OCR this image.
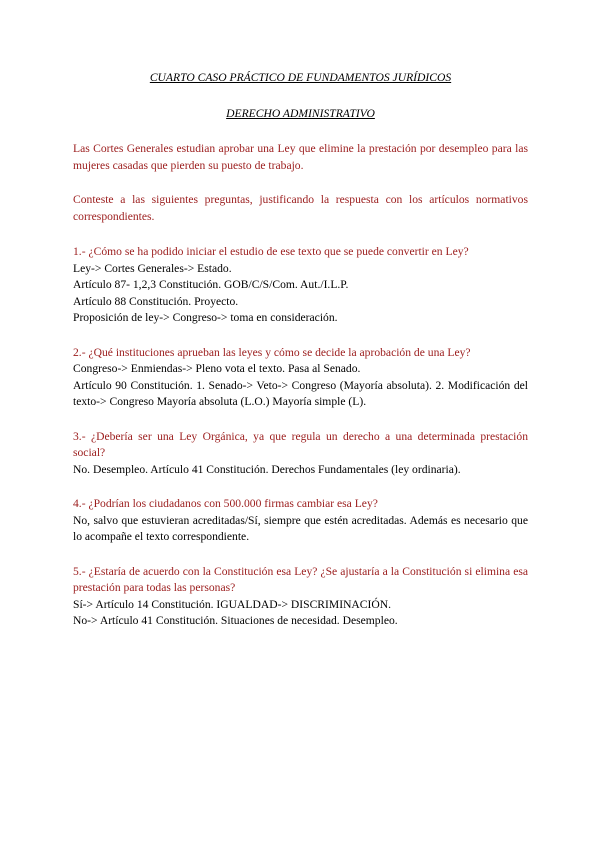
CUARTO CASO PRÁCTICO DE FUNDAMENTOS JURÍDICOS

DERECHO ADMINISTRATIVO

Las Cortes Generales estudian aprobar una Ley que elimine la prestación por desempleo para las mujeres casadas que pierden su puesto de trabajo.

Conteste a las siguientes preguntas, justificando la respuesta con los artículos normativos correspondientes.

1.- ¿Cómo se ha podido iniciar el estudio de ese texto que se puede convertir en Ley?

Ley-> Cortes Generales-> Estado.

Artículo 87- 1,2,3 Constitución. GOB/C/S/Com. Aut./I.L.P.

Artículo 88 Constitución. Proyecto.

Proposición de ley-> Congreso-> toma en consideración.

2.- ¿Qué instituciones aprueban las leyes y cómo se decide la aprobación de una Ley?

Congreso-> Enmiendas-> Pleno vota el texto. Pasa al Senado.

Artículo 90 Constitución. 1. Senado-> Veto-> Congreso (Mayoría absoluta). 2. Modificación del texto-> Congreso Mayoría absoluta (L.O.) Mayoría simple (L).

3.- ¿Debería ser una Ley Orgánica, ya que regula un derecho a una determinada prestación social?

No. Desempleo. Artículo 41 Constitución. Derechos Fundamentales (ley ordinaria).

4.- ¿Podrían los ciudadanos con 500.000 firmas cambiar esa Ley?

No, salvo que estuvieran acreditadas/Sí, siempre que estén acreditadas. Además es necesario que lo acompañe el texto correspondiente.

5.- ¿Estaría de acuerdo con la Constitución esa Ley? ¿Se ajustaría a la Constitución si elimina esa prestación para todas las personas?

Sí-> Artículo 14 Constitución. IGUALDAD-> DISCRIMINACIÓN.

No-> Artículo 41 Constitución. Situaciones de necesidad. Desempleo.
